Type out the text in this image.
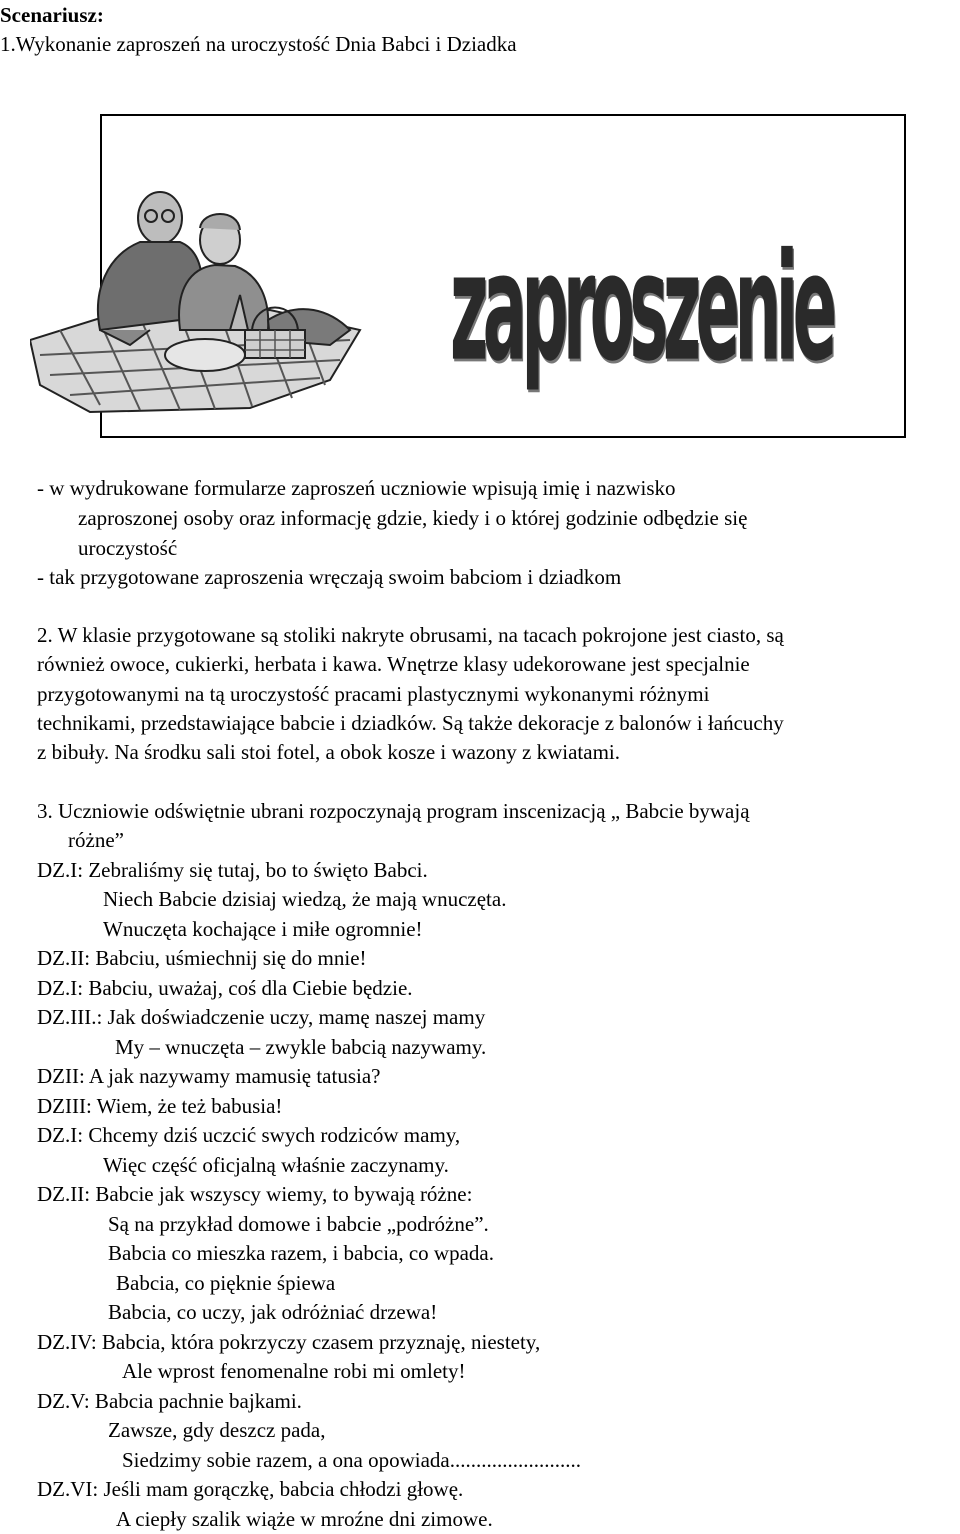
Scenariusz:
1.Wykonanie zaproszeń na uroczystość Dnia Babci i Dziadka
zaproszenie
- w wydrukowane formularze zaproszeń uczniowie wpisują imię i nazwisko
zaproszonej osoby oraz informację gdzie, kiedy i o której godzinie odbędzie się
uroczystość
- tak przygotowane zaproszenia wręczają swoim babciom i dziadkom
2. W klasie przygotowane są stoliki nakryte obrusami, na tacach pokrojone jest ciasto, są
również owoce, cukierki, herbata i kawa. Wnętrze klasy udekorowane jest specjalnie
przygotowanymi na tą uroczystość pracami plastycznymi wykonanymi różnymi
technikami, przedstawiające babcie i dziadków. Są także dekoracje z balonów i łańcuchy
z bibuły. Na środku sali stoi fotel, a obok kosze i wazony z kwiatami.
3. Uczniowie odświętnie ubrani rozpoczynają program inscenizacją „ Babcie bywają
różne”
DZ.I: Zebraliśmy się tutaj, bo to święto Babci.
Niech Babcie dzisiaj wiedzą, że mają wnuczęta.
Wnuczęta kochające i miłe ogromnie!
DZ.II: Babciu, uśmiechnij się do mnie!
DZ.I: Babciu, uważaj, coś dla Ciebie będzie.
DZ.III.: Jak doświadczenie uczy, mamę naszej mamy
My – wnuczęta – zwykle babcią nazywamy.
DZII: A jak nazywamy mamusię tatusia?
DZIII: Wiem, że też babusia!
DZ.I: Chcemy dziś uczcić swych rodziców mamy,
Więc część oficjalną właśnie zaczynamy.
DZ.II: Babcie jak wszyscy wiemy, to bywają różne:
Są na przykład domowe i babcie „podróżne”.
Babcia co mieszka razem, i babcia, co wpada.
Babcia, co pięknie śpiewa
Babcia, co uczy, jak odróżniać drzewa!
DZ.IV: Babcia, która pokrzyczy czasem przyznaję, niestety,
Ale wprost fenomenalne robi mi omlety!
DZ.V: Babcia pachnie bajkami.
Zawsze, gdy deszcz pada,
Siedzimy sobie razem, a ona opowiada.........................
DZ.VI: Jeśli mam gorączkę, babcia chłodzi głowę.
A ciepły szalik wiąże w mroźne dni zimowe.
